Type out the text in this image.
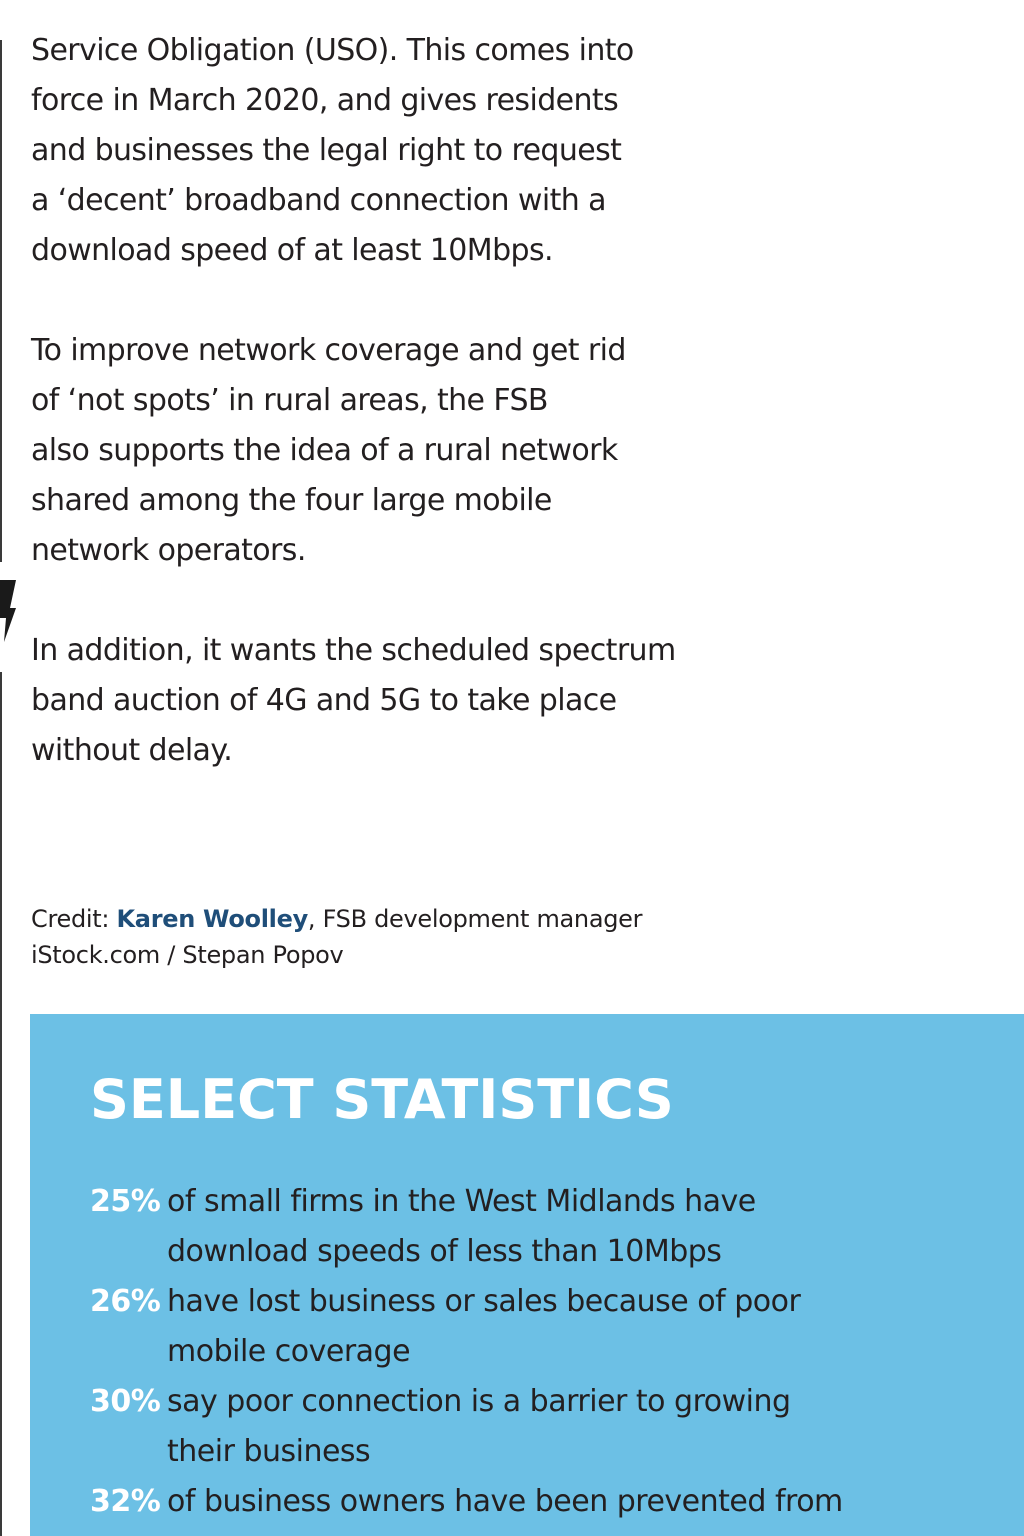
Service Obligation (USO). This comes into
force in March 2020, and gives residents
and businesses the legal right to request
a ‘decent’ broadband connection with a
download speed of at least 10Mbps.

To improve network coverage and get rid
of ‘not spots’ in rural areas, the FSB
also supports the idea of a rural network
shared among the four large mobile
network operators.

In addition, it wants the scheduled spectrum
band auction of 4G and 5G to take place
without delay.

Credit: Karen Woolley, FSB development manager
iStock.com / Stepan Popov
SELECT STATISTICS
25% of small firms in the West Midlands have
download speeds of less than 10Mbps
26% have lost business or sales because of poor
mobile coverage
30% say poor connection is a barrier to growing
their business
32% of business owners have been prevented from
